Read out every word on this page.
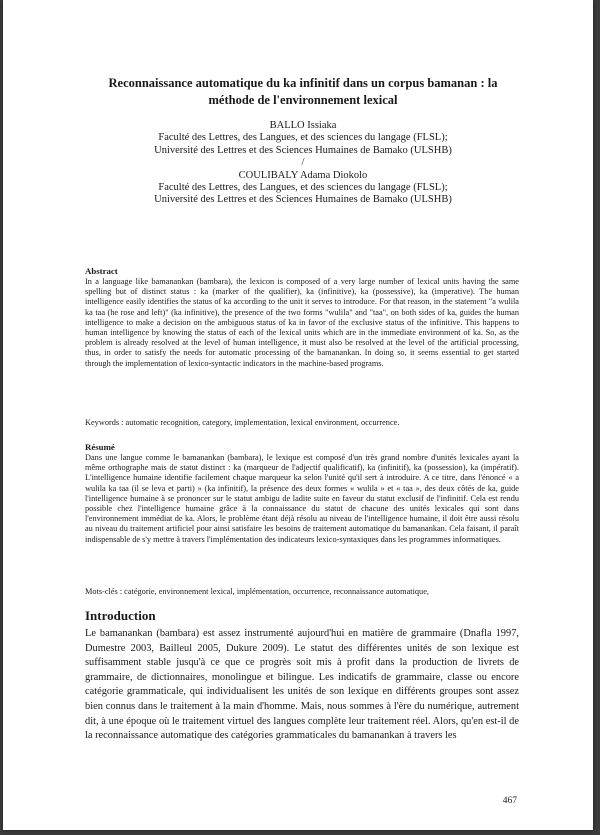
Reconnaissance automatique du ka infinitif dans un corpus bamanan : la
méthode de l'environnement lexical
BALLO Issiaka
Faculté des Lettres, des Langues, et des sciences du langage (FLSL);
Université des Lettres et des Sciences Humaines de Bamako (ULSHB)
/
COULIBALY Adama Diokolo
Faculté des Lettres, des Langues, et des sciences du langage (FLSL);
Université des Lettres et des Sciences Humaines de Bamako (ULSHB)
Abstract
In a language like bamanankan (bambara), the lexicon is composed of a very large number of lexical units having the same spelling but of distinct status : ka (marker of the qualifier), ka (infinitive), ka (possessive), ka (imperative). The human intelligence easily identifies the status of ka according to the unit it serves to introduce. For that reason, in the statement "a wulila ka taa (he rose and left)" (ka infinitive), the presence of the two forms "wulila" and "taa", on both sides of ka, guides the human intelligence to make a decision on the ambiguous status of ka in favor of the exclusive status of the infinitive. This happens to human intelligence by knowing the status of each of the lexical units which are in the immediate environment of ka. So, as the problem is already resolved at the level of human intelligence, it must also be resolved at the level of the artificial processing, thus, in order to satisfy the needs for automatic processing of the bamanankan. In doing so, it seems essential to get started through the implementation of lexico-syntactic indicators in the machine-based programs.
Keywords : automatic recognition, category, implementation, lexical environment, occurrence.
Résumé
Dans une langue comme le bamanankan (bambara), le lexique est composé d'un très grand nombre d'unités lexicales ayant la même orthographe mais de statut distinct : ka (marqueur de l'adjectif qualificatif), ka (infinitif), ka (possession), ka (impératif). L'intelligence humaine identifie facilement chaque marqueur ka selon l'unité qu'il sert à introduire. A ce titre, dans l'énoncé « a wulila ka taa (il se leva et parti) » (ka infinitif), la présence des deux formes « wulila » et « taa », des deux côtés de ka, guide l'intelligence humaine à se prononcer sur le statut ambigu de ladite suite en faveur du statut exclusif de l'infinitif. Cela est rendu possible chez l'intelligence humaine grâce à la connaissance du statut de chacune des unités lexicales qui sont dans l'environnement immédiat de ka. Alors, le problème étant déjà résolu au niveau de l'intelligence humaine, il doit être aussi résolu au niveau du traitement artificiel pour ainsi satisfaire les besoins de traitement automatique du bamanankan. Cela faisant, il paraît indispensable de s'y mettre à travers l'implémentation des indicateurs lexico-syntaxiques dans les programmes informatiques.
Mots-clés : catégorie, environnement lexical, implémentation, occurrence, reconnaissance automatique,
Introduction
Le bamanankan (bambara) est assez instrumenté aujourd'hui en matière de grammaire (Dnafla 1997, Dumestre 2003, Bailleul 2005, Dukure 2009). Le statut des différentes unités de son lexique est suffisamment stable jusqu'à ce que ce progrès soit mis à profit dans la production de livrets de grammaire, de dictionnaires, monolingue et bilingue. Les indicatifs de grammaire, classe ou encore catégorie grammaticale, qui individualisent les unités de son lexique en différents groupes sont assez bien connus dans le traitement à la main d'homme. Mais, nous sommes à l'ère du numérique, autrement dit, à une époque où le traitement virtuel des langues complète leur traitement réel. Alors, qu'en est-il de la reconnaissance automatique des catégories grammaticales du bamanankan à travers les
467
